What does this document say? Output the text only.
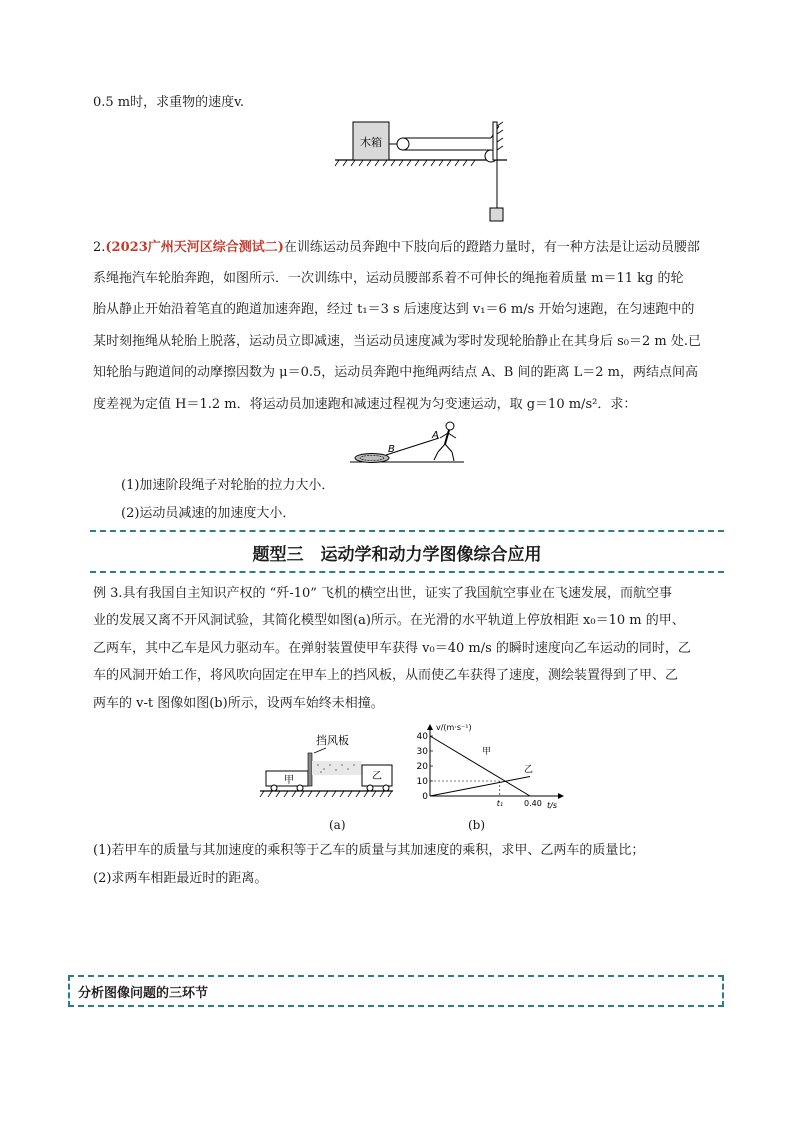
0.5 m时，求重物的速度v.
木箱
2.(2023广州天河区综合测试二)在训练运动员奔跑中下肢向后的蹬踏力量时，有一种方法是让运动员腰部
系绳拖汽车轮胎奔跑，如图所示．一次训练中，运动员腰部系着不可伸长的绳拖着质量 m＝11 kg 的轮
胎从静止开始沿着笔直的跑道加速奔跑，经过 t₁＝3 s 后速度达到 v₁＝6 m/s 开始匀速跑，在匀速跑中的
某时刻拖绳从轮胎上脱落，运动员立即减速，当运动员速度减为零时发现轮胎静止在其身后 s₀＝2 m 处.已
知轮胎与跑道间的动摩擦因数为 μ＝0.5，运动员奔跑中拖绳两结点 A、B 间的距离 L＝2 m，两结点间高
度差视为定值 H＝1.2 m．将运动员加速跑和减速过程视为匀变速运动，取 g＝10 m/s²．求：
B
A
(1)加速阶段绳子对轮胎的拉力大小．
(2)运动员减速的加速度大小．
题型三　运动学和动力学图像综合应用
例 3.具有我国自主知识产权的 “歼-10” 飞机的横空出世，证实了我国航空事业在飞速发展，而航空事
业的发展又离不开风洞试验，其简化模型如图(a)所示。在光滑的水平轨道上停放相距 x₀＝10 m 的甲、
乙两车，其中乙车是风力驱动车。在弹射装置使甲车获得 v₀＝40 m/s 的瞬时速度向乙车运动的同时，乙
车的风洞开始工作，将风吹向固定在甲车上的挡风板，从而使乙车获得了速度，测绘装置得到了甲、乙
两车的 v-t 图像如图(b)所示，设两车始终未相撞。
挡风板
甲	乙
(a)
v/(m·s⁻¹)
t/s
40
30
20
10
0
t₁	0.40
甲
乙
(b)
(1)若甲车的质量与其加速度的乘积等于乙车的质量与其加速度的乘积，求甲、乙两车的质量比；
(2)求两车相距最近时的距离。
分析图像问题的三环节
